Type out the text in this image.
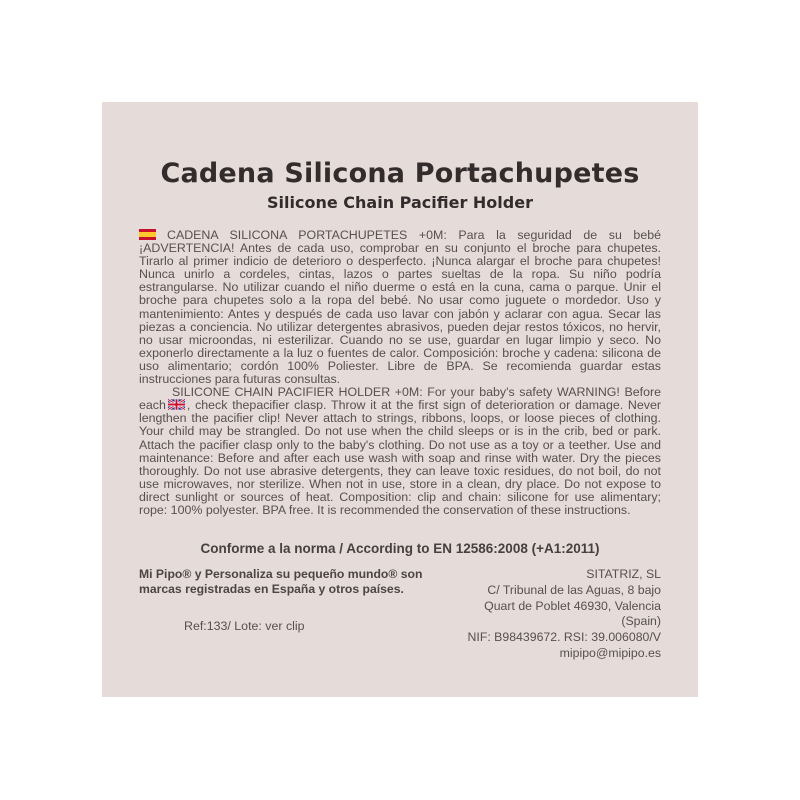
Cadena Silicona Portachupetes
Silicone Chain Pacifier Holder

CADENA SILICONA PORTACHUPETES +0M: Para la seguridad de su bebé ¡ADVERTENCIA! Antes de cada uso, comprobar en su conjunto el broche para chupetes. Tirarlo al primer indicio de deterioro o desperfecto. ¡Nunca alargar el broche para chupetes! Nunca unirlo a cordeles, cintas, lazos o partes sueltas de la ropa. Su niño podría estrangularse. No utilizar cuando el niño duerme o está en la cuna, cama o parque. Unir el broche para chupetes solo a la ropa del bebé. No usar como juguete o mordedor. Uso y mantenimiento: Antes y después de cada uso lavar con jabón y aclarar con agua. Secar las piezas a conciencia. No utilizar detergentes abrasivos, pueden dejar restos tóxicos, no hervir, no usar microondas, ni esterilizar. Cuando no se use, guardar en lugar limpio y seco. No exponerlo directamente a la luz o fuentes de calor. Composición: broche y cadena: silicona de uso alimentario; cordón 100% Poliester. Libre de BPA. Se recomienda guardar estas instrucciones para futuras consultas.

SILICONE CHAIN PACIFIER HOLDER +0M: For your baby's safety WARNING! Before each , check thepacifier clasp. Throw it at the first sign of deterioration or damage. Never lengthen the pacifier clip! Never attach to strings, ribbons, loops, or loose pieces of clothing. Your child may be strangled. Do not use when the child sleeps or is in the crib, bed or park. Attach the pacifier clasp only to the baby's clothing. Do not use as a toy or a teether. Use and maintenance: Before and after each use wash with soap and rinse with water. Dry the pieces thoroughly. Do not use abrasive detergents, they can leave toxic residues, do not boil, do not use microwaves, nor sterilize. When not in use, store in a clean, dry place. Do not expose to direct sunlight or sources of heat. Composition: clip and chain: silicone for use alimentary; rope: 100% polyester. BPA free. It is recommended the conservation of these instructions.

Conforme a la norma / According to EN 12586:2008 (+A1:2011)

Mi Pipo® y Personaliza su pequeño mundo® son marcas registradas en España y otros países.
Ref:133/ Lote: ver clip
SITATRIZ, SL
C/ Tribunal de las Aguas, 8 bajo
Quart de Poblet 46930, Valencia (Spain)
NIF: B98439672. RSI: 39.006080/V
mipipo@mipipo.es
